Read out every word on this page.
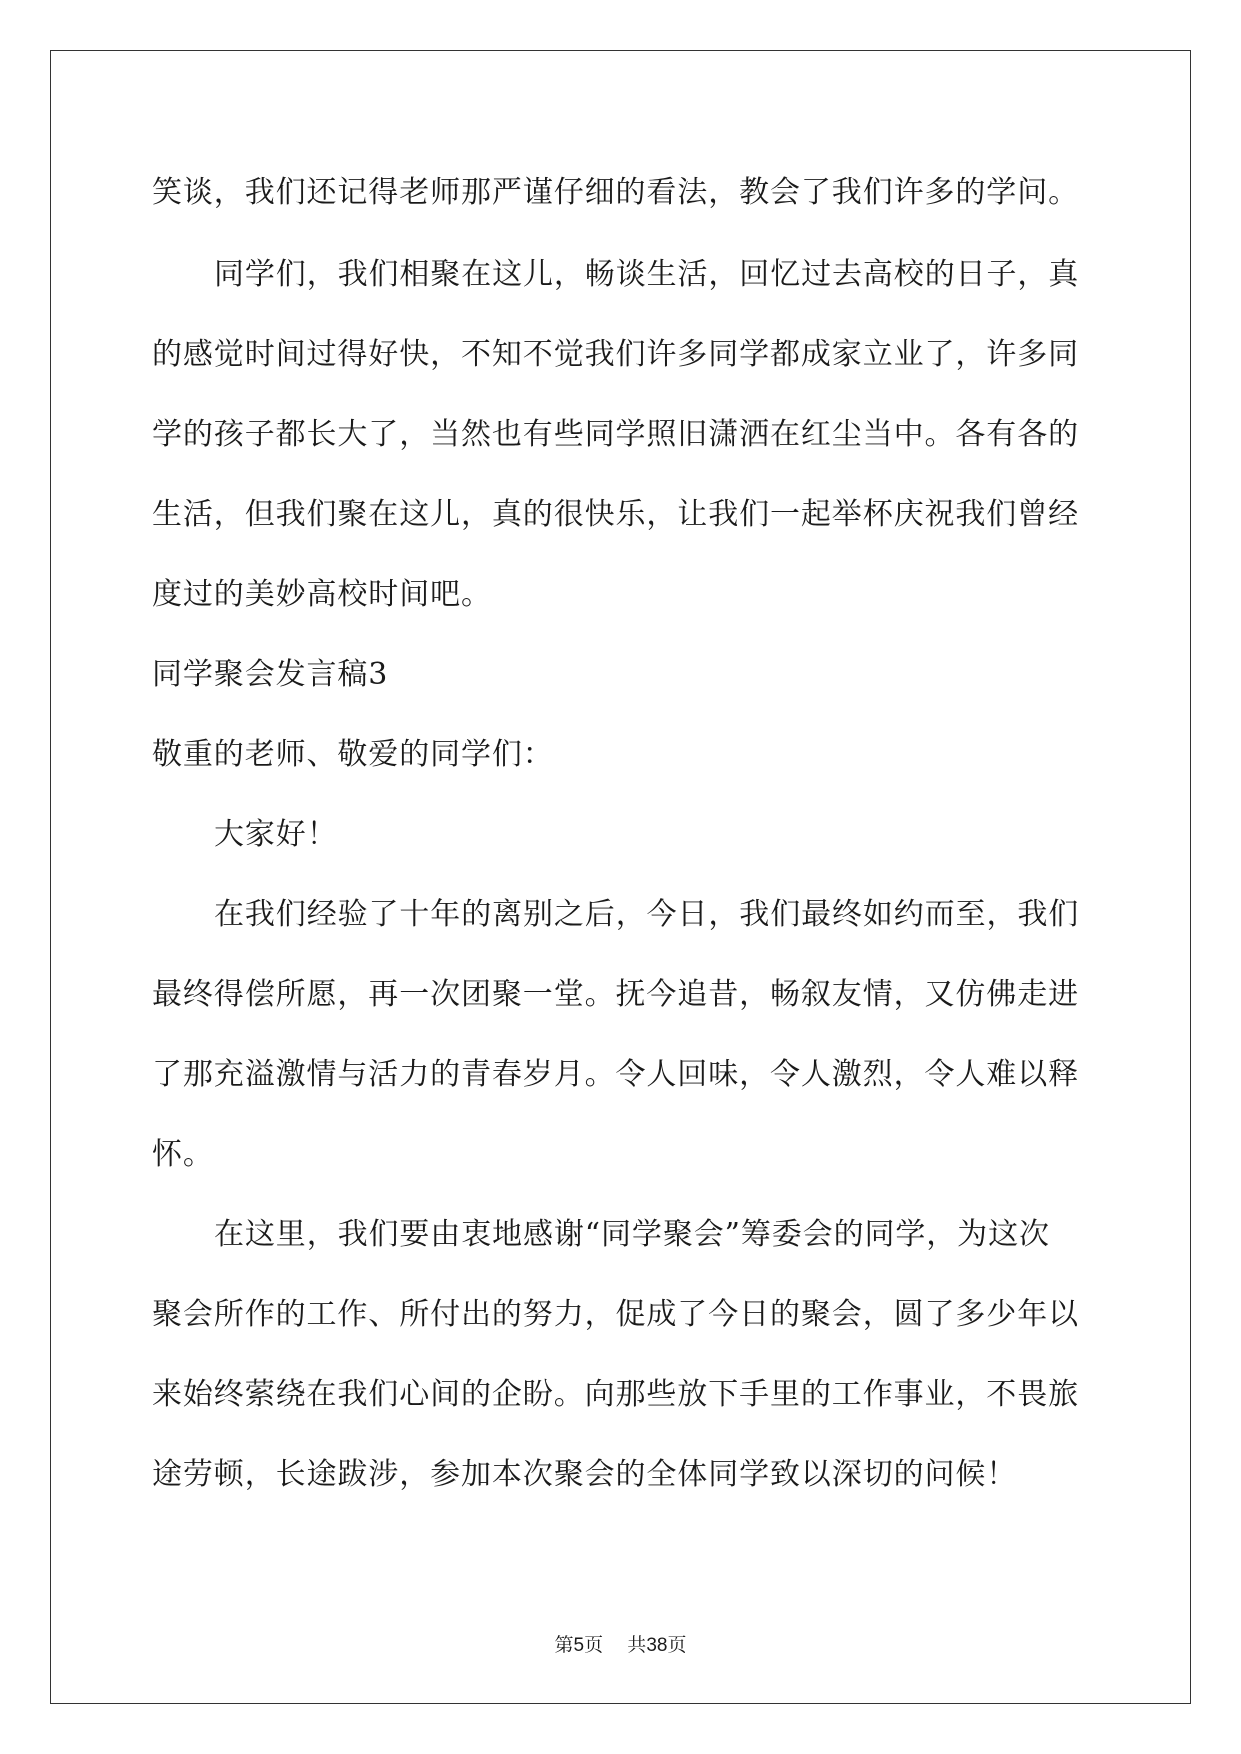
笑谈，我们还记得老师那严谨仔细的看法，教会了我们许多的学问。
同学们，我们相聚在这儿，畅谈生活，回忆过去高校的日子，真
的感觉时间过得好快，不知不觉我们许多同学都成家立业了，许多同
学的孩子都长大了，当然也有些同学照旧潇洒在红尘当中。各有各的
生活，但我们聚在这儿，真的很快乐，让我们一起举杯庆祝我们曾经
度过的美妙高校时间吧。
同学聚会发言稿3
敬重的老师、敬爱的同学们：
大家好！
在我们经验了十年的离别之后，今日，我们最终如约而至，我们
最终得偿所愿，再一次团聚一堂。抚今追昔，畅叙友情，又仿佛走进
了那充溢激情与活力的青春岁月。令人回味，令人激烈，令人难以释
怀。
在这里，我们要由衷地感谢“同学聚会”筹委会的同学，为这次
聚会所作的工作、所付出的努力，促成了今日的聚会，圆了多少年以
来始终萦绕在我们心间的企盼。向那些放下手里的工作事业，不畏旅
途劳顿，长途跋涉，参加本次聚会的全体同学致以深切的问候！
第5页 共38页
